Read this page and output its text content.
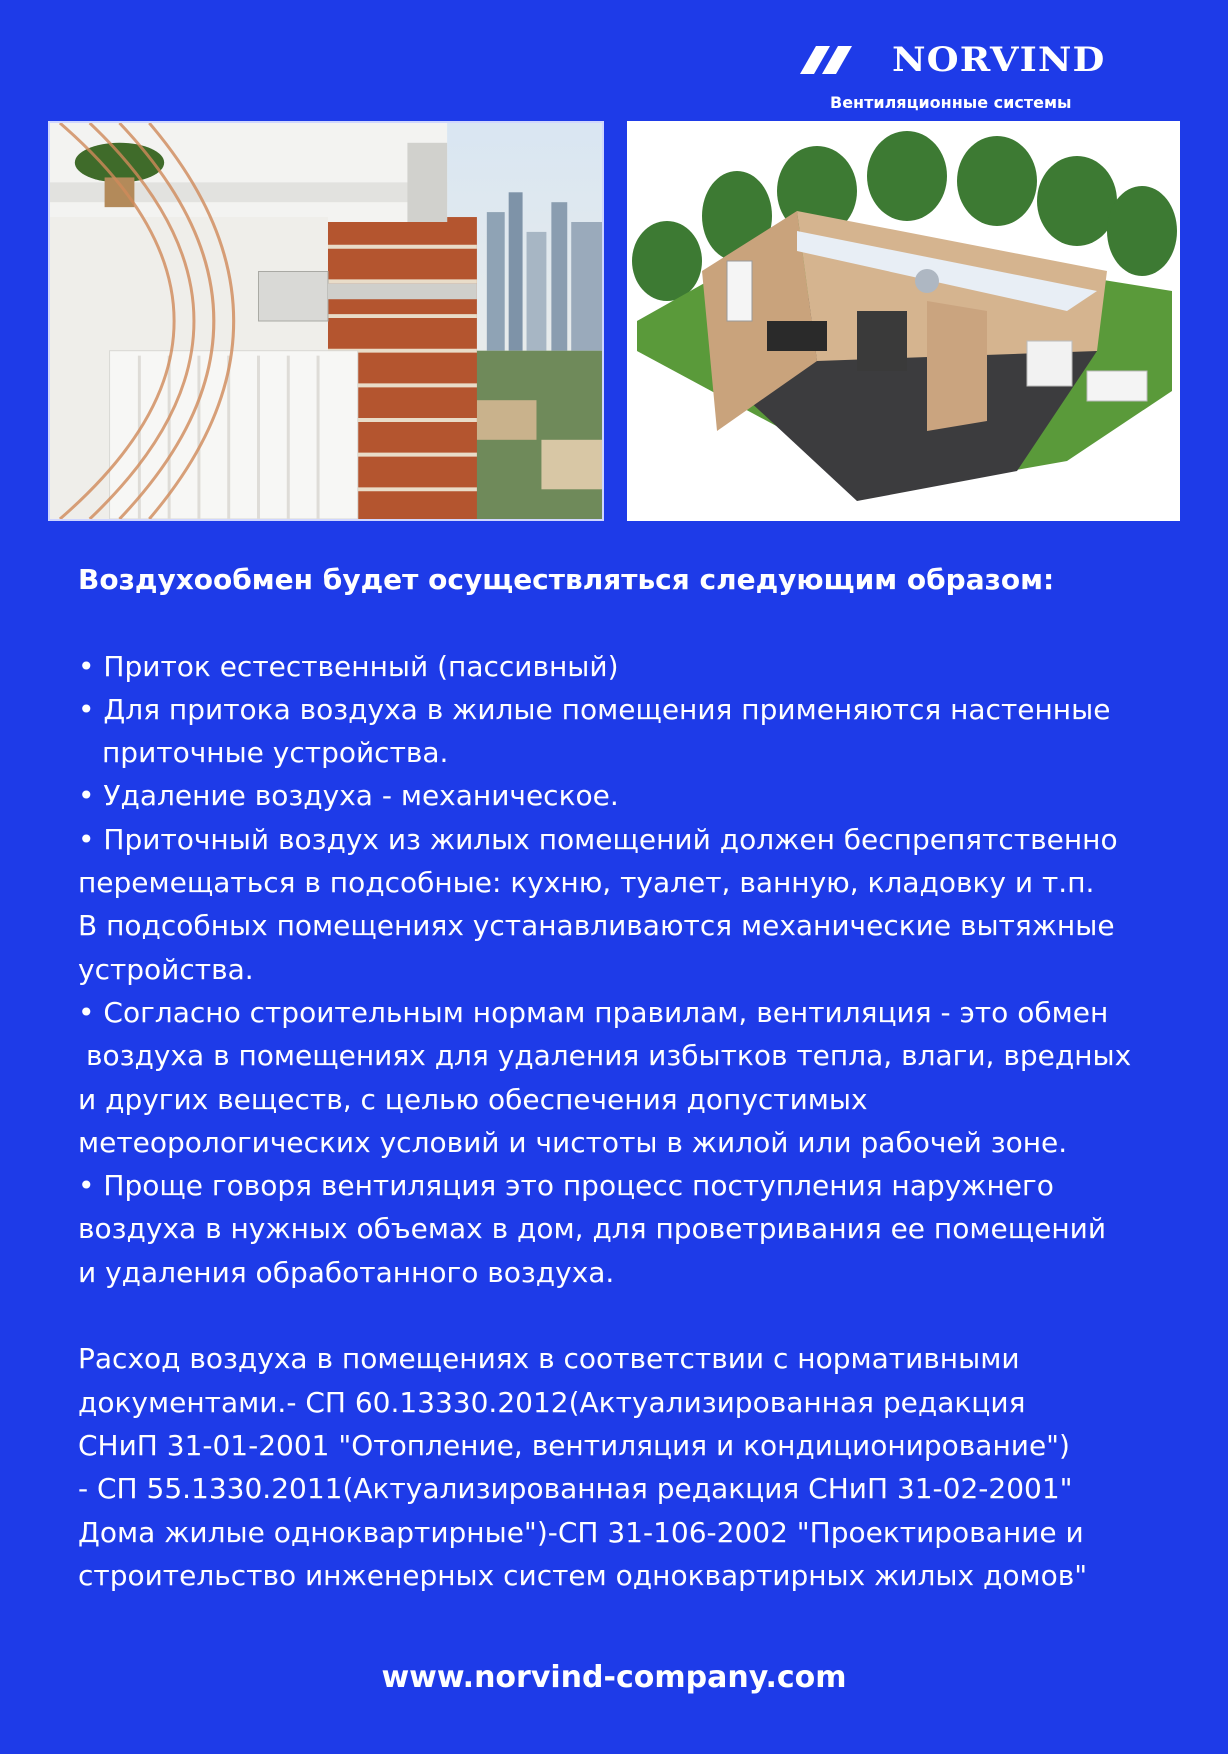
NORVIND
Вентиляционные системы

Воздухообмен будет осуществляться следующим образом:

• Приток естественный (пассивный)

• Для притока воздуха в жилые помещения применяются настенные

приточные устройства.

• Удаление воздуха - механическое.

• Приточный воздух из жилых помещений должен беспрепятственно

перемещаться в подсобные: кухню, туалет, ванную, кладовку и т.п.

В подсобных помещениях устанавливаются механические вытяжные

устройства.

• Согласно строительным нормам правилам, вентиляция - это обмен

воздуха в помещениях для удаления избытков тепла, влаги, вредных

и других веществ, с целью обеспечения допустимых

метеорологических условий и чистоты в жилой или рабочей зоне.

• Проще говоря вентиляция это процесс поступления наружнего

воздуха в нужных объемах в дом, для проветривания ее помещений

и удаления обработанного воздуха.

Расход воздуха в помещениях в соответствии с нормативными

документами.- СП 60.13330.2012(Актуализированная редакция

СНиП 31-01-2001 "Отопление, вентиляция и кондиционирование")

- СП 55.1330.2011(Актуализированная редакция СНиП 31-02-2001"

Дома жилые одноквартирные")-СП 31-106-2002 "Проектирование и

строительство инженерных систем одноквартирных жилых домов"

www.norvind-company.com
